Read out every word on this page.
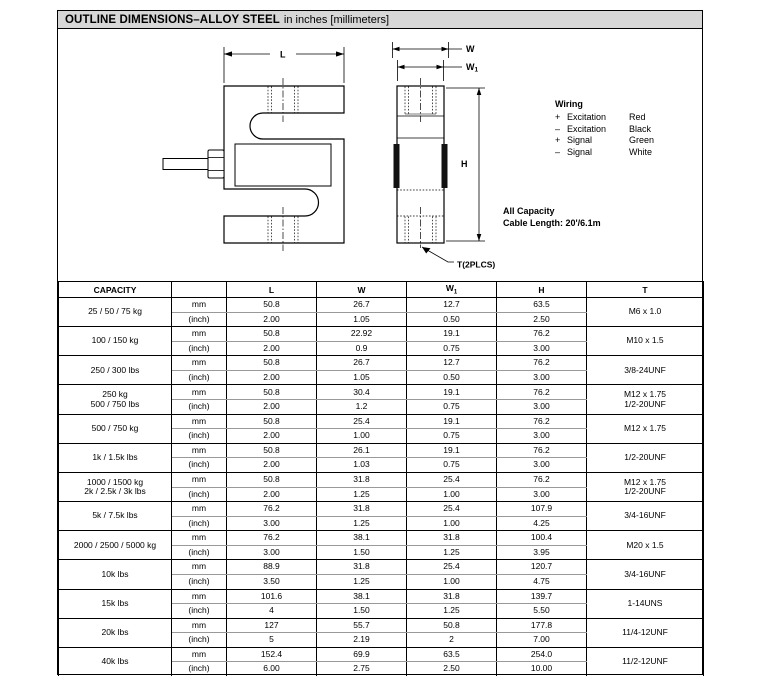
OUTLINE DIMENSIONS–ALLOY STEEL in inches [millimeters]
L
W
W1
H
T(2PLCS)
Wiring
+ Excitation	Red
– Excitation	Black
+ Signal	Green
– Signal	White
All Capacity
Cable Length: 20'/6.1m
CAPACITY		L	W	$W_1$	H	T
25 / 50 / 75 kg	mm	50.8	26.7	12.7	63.5	M6 x 1.0
	(inch)	2.00	1.05	0.50	2.50	
100 / 150 kg	mm	50.8	22.92	19.1	76.2	M10 x 1.5
	(inch)	2.00	0.9	0.75	3.00	
250 / 300 lbs	mm	50.8	26.7	12.7	76.2	3/8-24UNF
	(inch)	2.00	1.05	0.50	3.00	
250 kg
500 / 750 lbs	mm	50.8	30.4	19.1	76.2	M12 x 1.75
1/2-20UNF
	(inch)	2.00	1.2	0.75	3.00	
500 / 750 kg	mm	50.8	25.4	19.1	76.2	M12 x 1.75
	(inch)	2.00	1.00	0.75	3.00	
1k / 1.5k lbs	mm	50.8	26.1	19.1	76.2	1/2-20UNF
	(inch)	2.00	1.03	0.75	3.00	
1000 / 1500 kg
2k / 2.5k / 3k lbs	mm	50.8	31.8	25.4	76.2	M12 x 1.75
1/2-20UNF
	(inch)	2.00	1.25	1.00	3.00	
5k / 7.5k lbs	mm	76.2	31.8	25.4	107.9	3/4-16UNF
	(inch)	3.00	1.25	1.00	4.25	
2000 / 2500 / 5000 kg	mm	76.2	38.1	31.8	100.4	M20 x 1.5
	(inch)	3.00	1.50	1.25	3.95	
10k lbs	mm	88.9	31.8	25.4	120.7	3/4-16UNF
	(inch)	3.50	1.25	1.00	4.75	
15k lbs	mm	101.6	38.1	31.8	139.7	1-14UNS
	(inch)	4	1.50	1.25	5.50	
20k lbs	mm	127	55.7	50.8	177.8	11/4-12UNF
	(inch)	5	2.19	2	7.00	
40k lbs	mm	152.4	69.9	63.5	254.0	11/2-12UNF
	(inch)	6.00	2.75	2.50	10.00	
